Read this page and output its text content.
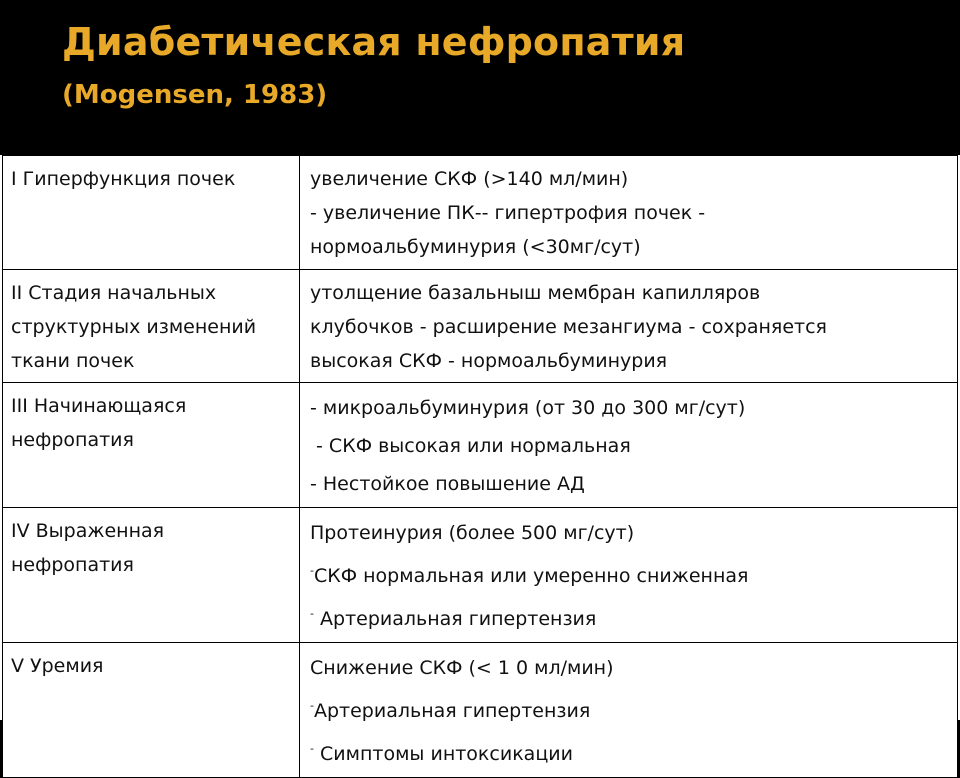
Диабетическая нефропатия
(Mogensen, 1983)
I Гиперфункция почек	увеличение СКФ (>140 мл/мин)
- увеличение ПК-- гипертрофия почек -
нормоальбуминурия (<30мг/сут)

II Стадия начальных структурных изменений ткани почек	утолщение базальныш мембран капилляров
клубочков - расширение мезангиума - сохраняется
высокая СКФ - нормоальбуминурия

III Начинающаяся нефропатия	- микроальбуминурия (от 30 до 300 мг/сут)
- СКФ высокая или нормальная
- Нестойкое повышение АД

IV Выраженная нефропатия	Протеинурия (более 500 мг/сут)
-СКФ нормальная или умеренно сниженная
- Артериальная гипертензия

V Уремия	Снижение СКФ (< 1 0 мл/мин)
-Артериальная гипертензия
- Симптомы интоксикации
